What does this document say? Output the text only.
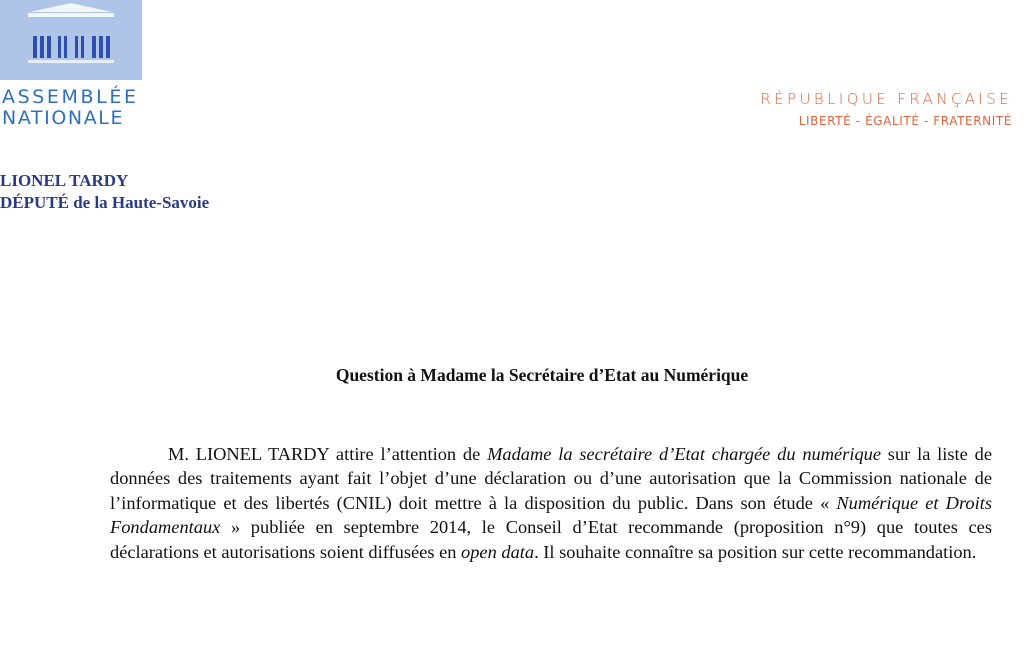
ASSEMBLÉE
NATIONALE
RÉPUBLIQUE FRANÇAISE
LIBERTÉ - ÉGALITÉ - FRATERNITÉ
LIONEL TARDY
DÉPUTÉ de la Haute-Savoie
Question à Madame la Secrétaire d’Etat au Numérique
M. LIONEL TARDY attire l’attention de Madame la secrétaire d’Etat chargée du numérique sur la liste de données des traitements ayant fait l’objet d’une déclaration ou d’une autorisation que la Commission nationale de l’informatique et des libertés (CNIL) doit mettre à la disposition du public. Dans son étude « Numérique et Droits Fondamentaux » publiée en septembre 2014, le Conseil d’Etat recommande (proposition n°9) que toutes ces déclarations et autorisations soient diffusées en open data. Il souhaite connaître sa position sur cette recommandation.
